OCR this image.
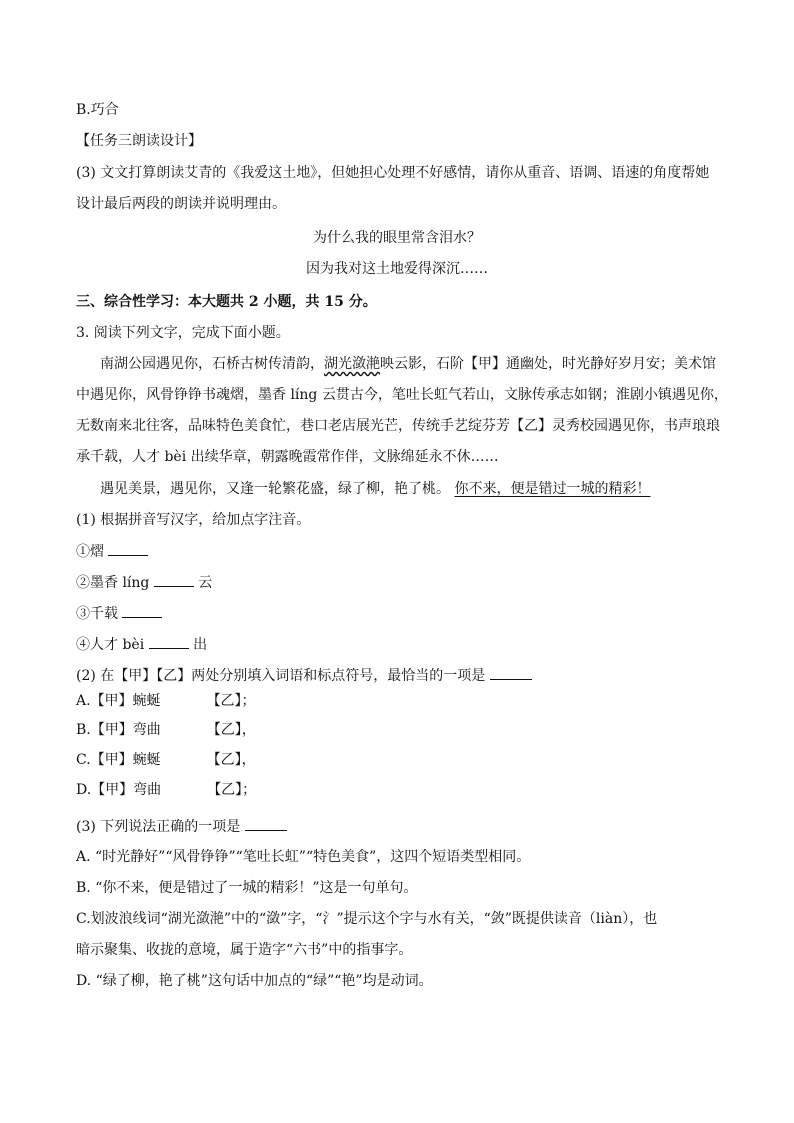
B.巧合
【任务三朗读设计】
(3) 文文打算朗读艾青的《我爱这土地》，但她担心处理不好感情，请你从重音、语调、语速的角度帮她
设计最后两段的朗读并说明理由。
为什么我的眼里常含泪水？
因为我对这土地爱得深沉……
三、综合性学习：本大题共 2 小题，共 15 分。
3. 阅读下列文字，完成下面小题。
南湖公园遇见你，石桥古树传清韵，湖光潋滟映云影，石阶【甲】通幽处，时光静好岁月安；美术馆
中遇见你，风骨铮铮书魂熠，墨香 líng 云贯古今，笔吐长虹气若山，文脉传承志如钢；淮剧小镇遇见你，
无数南来北往客，品味特色美食忙，巷口老店展光芒，传统手艺绽芬芳【乙】灵秀校园遇见你，书声琅琅
承千载，人才 bèi 出续华章，朝露晚霞常作伴，文脉绵延永不休……
遇见美景，遇见你，又逢一轮繁花盛，绿了柳，艳了桃。 你不来，便是错过一城的精彩！
(1) 根据拼音写汉字，给加点字注音。
①熠
②墨香 líng	云
③千载
④人才 bèi	出
(2) 在【甲】【乙】两处分别填入词语和标点符号，最恰当的一项是
A.【甲】蜿蜒	【乙】；
B.【甲】弯曲	【乙】，
C.【甲】蜿蜒	【乙】，
D.【甲】弯曲	【乙】；
(3) 下列说法正确的一项是
A. “时光静好”“风骨铮铮”“笔吐长虹”“特色美食”，这四个短语类型相同。
B. “你不来，便是错过了一城的精彩！”这是一句单句。
C.划波浪线词“湖光潋滟”中的“潋”字，“氵”提示这个字与水有关，“敛”既提供读音（liàn），也
暗示聚集、收拢的意境，属于造字“六书”中的指事字。
D. “绿了柳，艳了桃”这句话中加点的“绿”“艳”均是动词。
